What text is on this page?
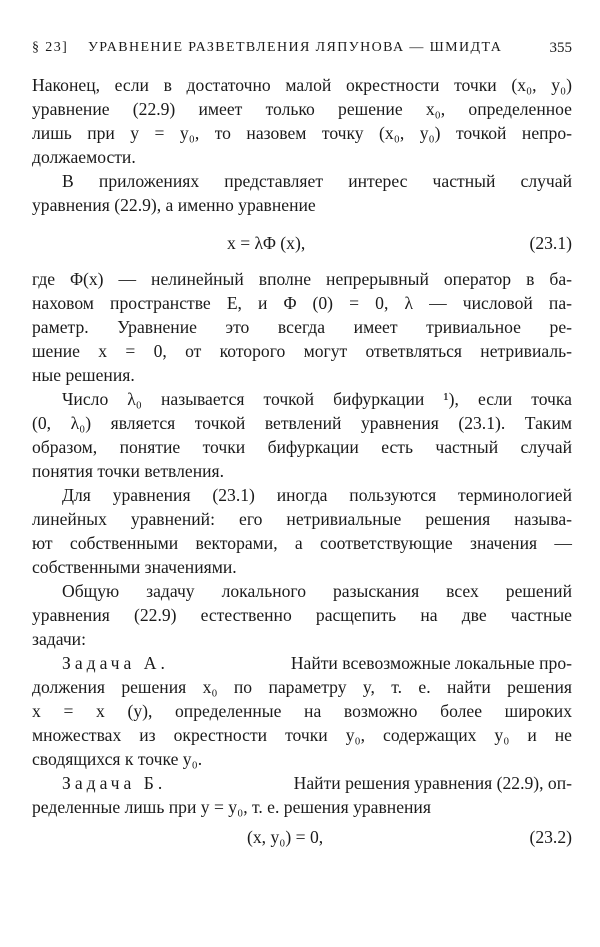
§ 23] УРАВНЕНИЕ РАЗВЕТВЛЕНИЯ ЛЯПУНОВА — ШМИДТА	355
Наконец, если в достаточно малой окрестности точки (x₀, y₀)
уравнение (22.9) имеет только решение x₀, определенное
лишь при y = y₀, то назовем точку (x₀, y₀) точкой непро-
должаемости.
В приложениях представляет интерес частный случай
уравнения (22.9), а именно уравнение
x = λΦ (x),	(23.1)
где Φ(x) — нелинейный вполне непрерывный оператор в ба-
наховом пространстве E, и Φ (0) = 0, λ — числовой па-
раметр. Уравнение это всегда имеет тривиальное ре-
шение x = 0, от которого могут ответвляться нетривиаль-
ные решения.
Число λ₀ называется точкой бифуркации ¹), если точка
(0, λ₀) является точкой ветвлений уравнения (23.1). Таким
образом, понятие точки бифуркации есть частный случай
понятия точки ветвления.
Для уравнения (23.1) иногда пользуются терминологией
линейных уравнений: его нетривиальные решения называ-
ют собственными векторами, а соответствующие значения —
собственными значениями.
Общую задачу локального разыскания всех решений
уравнения (22.9) естественно расщепить на две частные
задачи:
Задача А.	Найти всевозможные локальные про-
должения решения x₀ по параметру y, т. е. найти решения
x = x (y), определенные на возможно более широких
множествах из окрестности точки y₀, содержащих y₀ и не
сводящихся к точке y₀.
Задача Б.	Найти решения уравнения (22.9), оп-
ределенные лишь при y = y₀, т. е. решения уравнения
(x, y₀) = 0,	(23.2)
